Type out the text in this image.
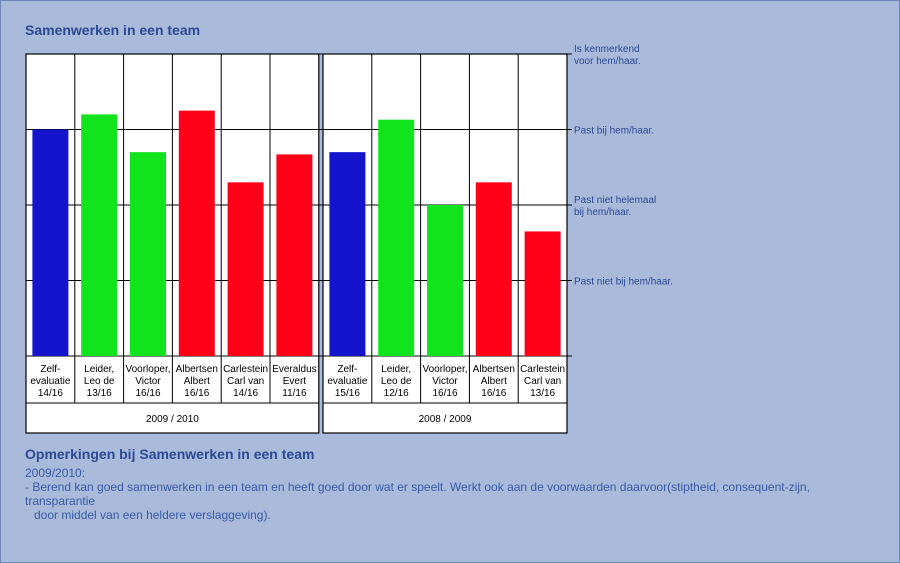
Samenwerken in een team
Is kenmerkend
voor hem/haar.
Past bij hem/haar.
Past niet helemaal
bij hem/haar.
Past niet bij hem/haar.
Zelf-
evaluatie
14/16
Leider,
Leo de
13/16
Voorloper,
Victor
16/16
Albertsen
Albert
16/16
Carlestein
Carl van
14/16
Everaldus
Evert
11/16
2009 / 2010
Zelf-
evaluatie
15/16
Leider,
Leo de
12/16
Voorloper,
Victor
16/16
Albertsen
Albert
16/16
Carlestein
Carl van
13/16
2008 / 2009
Opmerkingen bij Samenwerken in een team
2009/2010:
- Berend kan goed samenwerken in een team en heeft goed door wat er speelt. Werkt ook aan de voorwaarden daarvoor(stiptheid, consequent-zijn, transparantie
door middel van een heldere verslaggeving).
